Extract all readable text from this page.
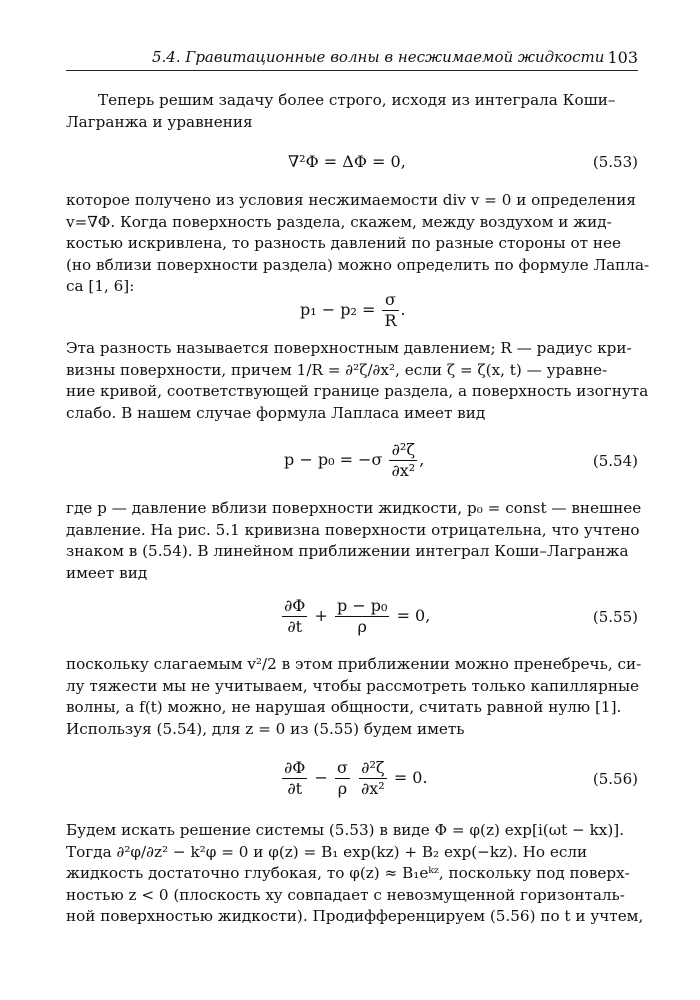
5.4. Гравитационные волны в несжимаемой жидкости 103
Теперь решим задачу более строго, исходя из интеграла Коши–
Лагранжа и уравнения
∇²Φ = ΔΦ = 0,	(5.53)
которое получено из условия несжимаемости div v = 0 и определения
v=∇Φ. Когда поверхность раздела, скажем, между воздухом и жид-
костью искривлена, то разность давлений по разные стороны от нее
(но вблизи поверхности раздела) можно определить по формуле Лапла-
са [1, 6]:
$p_1 - p_2 = \frac{\sigma}{R}$ .
Эта разность называется поверхностным давлением; R — радиус кри-
визны поверхности, причем 1/R = ∂²ζ/∂x², если ζ = ζ(x, t) — уравне-
ние кривой, соответствующей границе раздела, а поверхность изогнута
слабо. В нашем случае формула Лапласа имеет вид
$p - p_0 = -\sigma \frac{\text{∂²ζ}}{\text{∂x²}}$ ,	(5.54)
где p — давление вблизи поверхности жидкости, p₀ = const — внешнее
давление. На рис. 5.1 кривизна поверхности отрицательна, что учтено
знаком в (5.54). В линейном приближении интеграл Коши–Лагранжа
имеет вид
$\frac{\partial\Phi}{\partial t} + \frac{\text{p − p₀}}{\rho} = 0$,	(5.55)
поскольку слагаемым v²/2 в этом приближении можно пренебречь, си-
лу тяжести мы не учитываем, чтобы рассмотреть только капиллярные
волны, а f(t) можно, не нарушая общности, считать равной нулю [1].
Используя (5.54), для z = 0 из (5.55) будем иметь
$\frac{\partial\Phi}{\partial t} - \frac{\sigma}{\rho}$
$\frac{\text{∂²ζ}}{\text{∂x²}} = 0$.	(5.56)
Будем искать решение системы (5.53) в виде Φ = φ(z) exp[i(ωt − kx)].
Тогда ∂²φ/∂z² − k²φ = 0 и φ(z) = B₁ exp(kz) + B₂ exp(−kz). Но если
жидкость достаточно глубокая, то φ(z) ≈ B₁eᵏᶻ, поскольку под поверх-
ностью z < 0 (плоскость xy совпадает с невозмущенной горизонталь-
ной поверхностью жидкости). Продифференцируем (5.56) по t и учтем,
